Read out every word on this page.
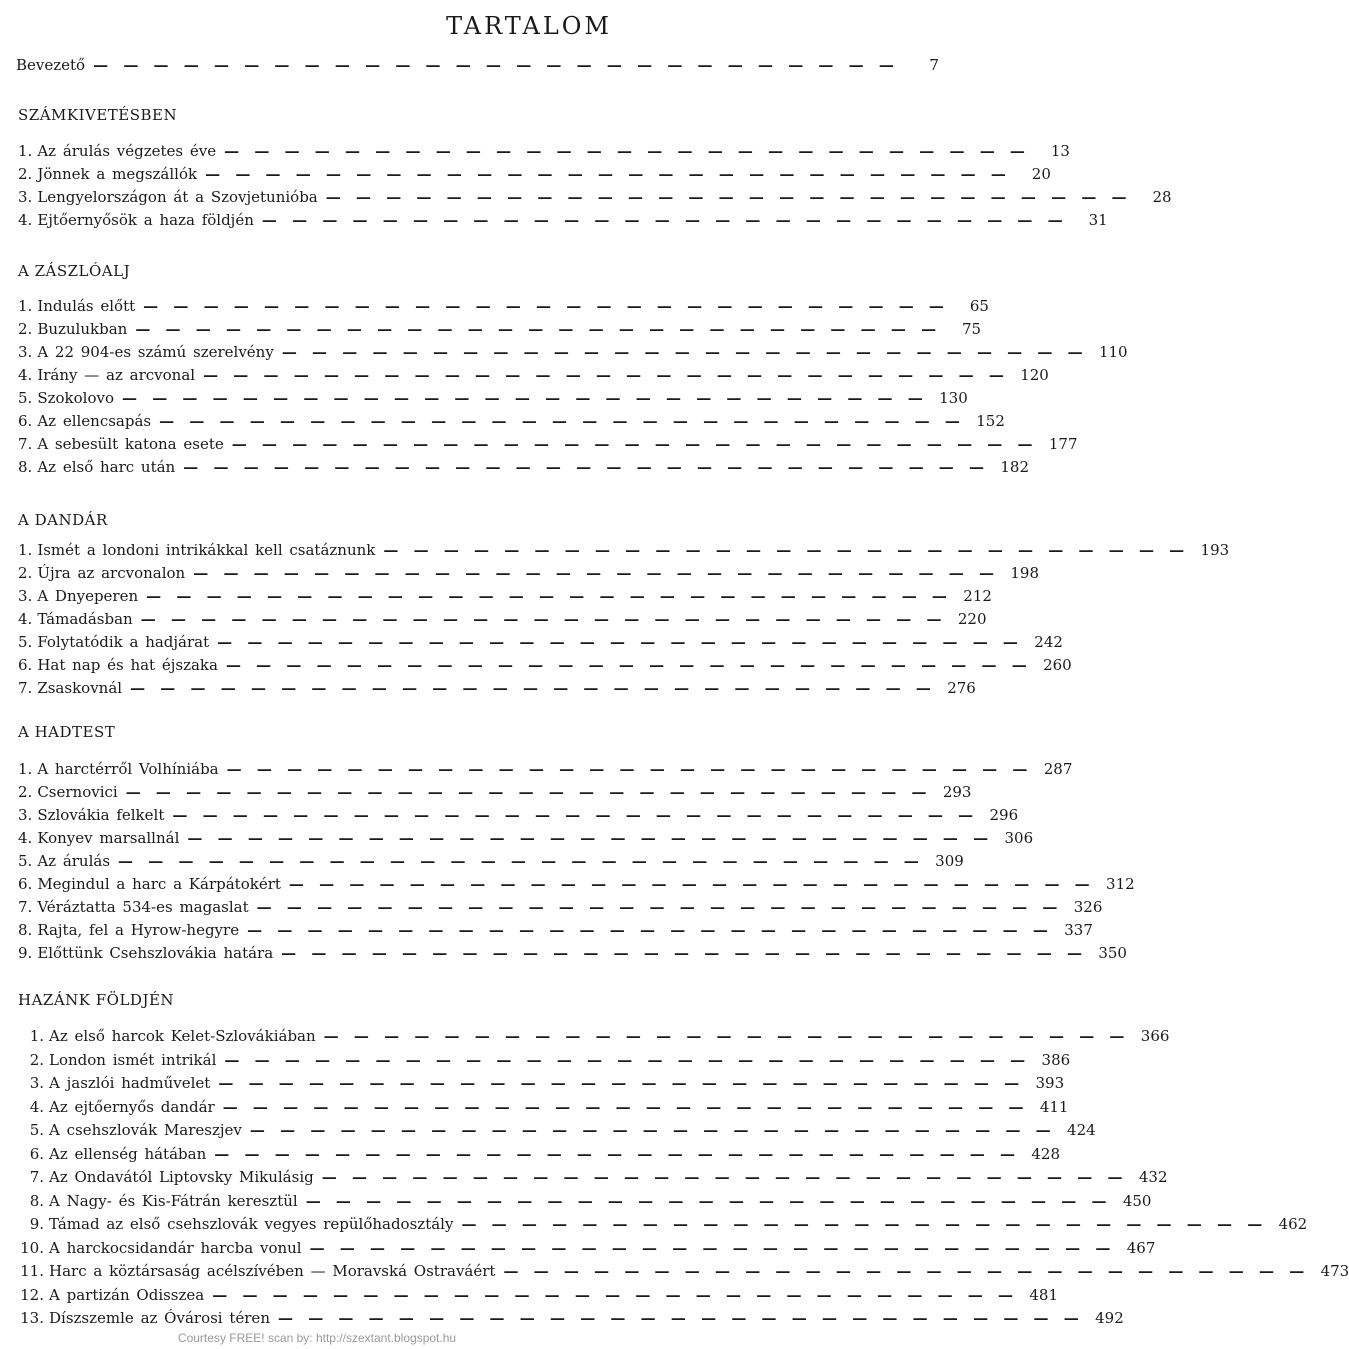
TARTALOM
Bevezető — — — — — — — — — — — — — — — — — — — — — — — — — — —	7
SZÁMKIVETÉSBEN
1. Az árulás végzetes éve — — — — — — — — — — — — — — — — — — — — — — — — — — —	13
2. Jönnek a megszállók — — — — — — — — — — — — — — — — — — — — — — — — — — —	20
3. Lengyelországon át a Szovjetunióba — — — — — — — — — — — — — — — — — — — — — — — — — — —	28
4. Ejtőernyősök a haza földjén — — — — — — — — — — — — — — — — — — — — — — — — — — —	31
A ZÁSZLÓALJ
1. Indulás előtt — — — — — — — — — — — — — — — — — — — — — — — — — — —	65
2. Buzulukban — — — — — — — — — — — — — — — — — — — — — — — — — — —	75
3. A 22 904-es számú szerelvény — — — — — — — — — — — — — — — — — — — — — — — — — — — 110
4. Irány — az arcvonal — — — — — — — — — — — — — — — — — — — — — — — — — — — 120
5. Szokolovo — — — — — — — — — — — — — — — — — — — — — — — — — — — 130
6. Az ellencsapás — — — — — — — — — — — — — — — — — — — — — — — — — — — 152
7. A sebesült katona esete — — — — — — — — — — — — — — — — — — — — — — — — — — — 177
8. Az első harc után — — — — — — — — — — — — — — — — — — — — — — — — — — — 182
A DANDÁR
1. Ismét a londoni intrikákkal kell csatáznunk — — — — — — — — — — — — — — — — — — — — — — — — — — — 193
2. Újra az arcvonalon — — — — — — — — — — — — — — — — — — — — — — — — — — — 198
3. A Dnyeperen — — — — — — — — — — — — — — — — — — — — — — — — — — — 212
4. Támadásban — — — — — — — — — — — — — — — — — — — — — — — — — — — 220
5. Folytatódik a hadjárat — — — — — — — — — — — — — — — — — — — — — — — — — — — 242
6. Hat nap és hat éjszaka — — — — — — — — — — — — — — — — — — — — — — — — — — — 260
7. Zsaskovnál — — — — — — — — — — — — — — — — — — — — — — — — — — — 276
A HADTEST
1. A harctérről Volhíniába — — — — — — — — — — — — — — — — — — — — — — — — — — — 287
2. Csernovici — — — — — — — — — — — — — — — — — — — — — — — — — — — 293
3. Szlovákia felkelt — — — — — — — — — — — — — — — — — — — — — — — — — — — 296
4. Konyev marsallnál — — — — — — — — — — — — — — — — — — — — — — — — — — — 306
5. Az árulás — — — — — — — — — — — — — — — — — — — — — — — — — — — 309
6. Megindul a harc a Kárpátokért — — — — — — — — — — — — — — — — — — — — — — — — — — — 312
7. Véráztatta 534-es magaslat — — — — — — — — — — — — — — — — — — — — — — — — — — — 326
8. Rajta, fel a Hyrow-hegyre — — — — — — — — — — — — — — — — — — — — — — — — — — — 337
9. Előttünk Csehszlovákia határa — — — — — — — — — — — — — — — — — — — — — — — — — — — 350
HAZÁNK FÖLDJÉN
1. Az első harcok Kelet-Szlovákiában — — — — — — — — — — — — — — — — — — — — — — — — — — — 366
2. London ismét intrikál — — — — — — — — — — — — — — — — — — — — — — — — — — — 386
3. A jaszlói hadművelet — — — — — — — — — — — — — — — — — — — — — — — — — — — 393
4. Az ejtőernyős dandár — — — — — — — — — — — — — — — — — — — — — — — — — — — 411
5. A csehszlovák Mareszjev — — — — — — — — — — — — — — — — — — — — — — — — — — — 424
6. Az ellenség hátában — — — — — — — — — — — — — — — — — — — — — — — — — — — 428
7. Az Ondavától Liptovsky Mikulásig — — — — — — — — — — — — — — — — — — — — — — — — — — — 432
8. A Nagy- és Kis-Fátrán keresztül — — — — — — — — — — — — — — — — — — — — — — — — — — — 450
9. Támad az első csehszlovák vegyes repülőhadosztály — — — — — — — — — — — — — — — — — — — — — — — — — — — 462
10. A harckocsidandár harcba vonul — — — — — — — — — — — — — — — — — — — — — — — — — — — 467
11. Harc a köztársaság acélszívében — Moravská Ostraváért — — — — — — — — — — — — — — — — — — — — — — — — — — — 473
12. A partizán Odisszea — — — — — — — — — — — — — — — — — — — — — — — — — — — 481
13. Díszszemle az Óvárosi téren — — — — — — — — — — — — — — — — — — — — — — — — — — — 492
Courtesy FREE! scan by: http://szextant.blogspot.hu
